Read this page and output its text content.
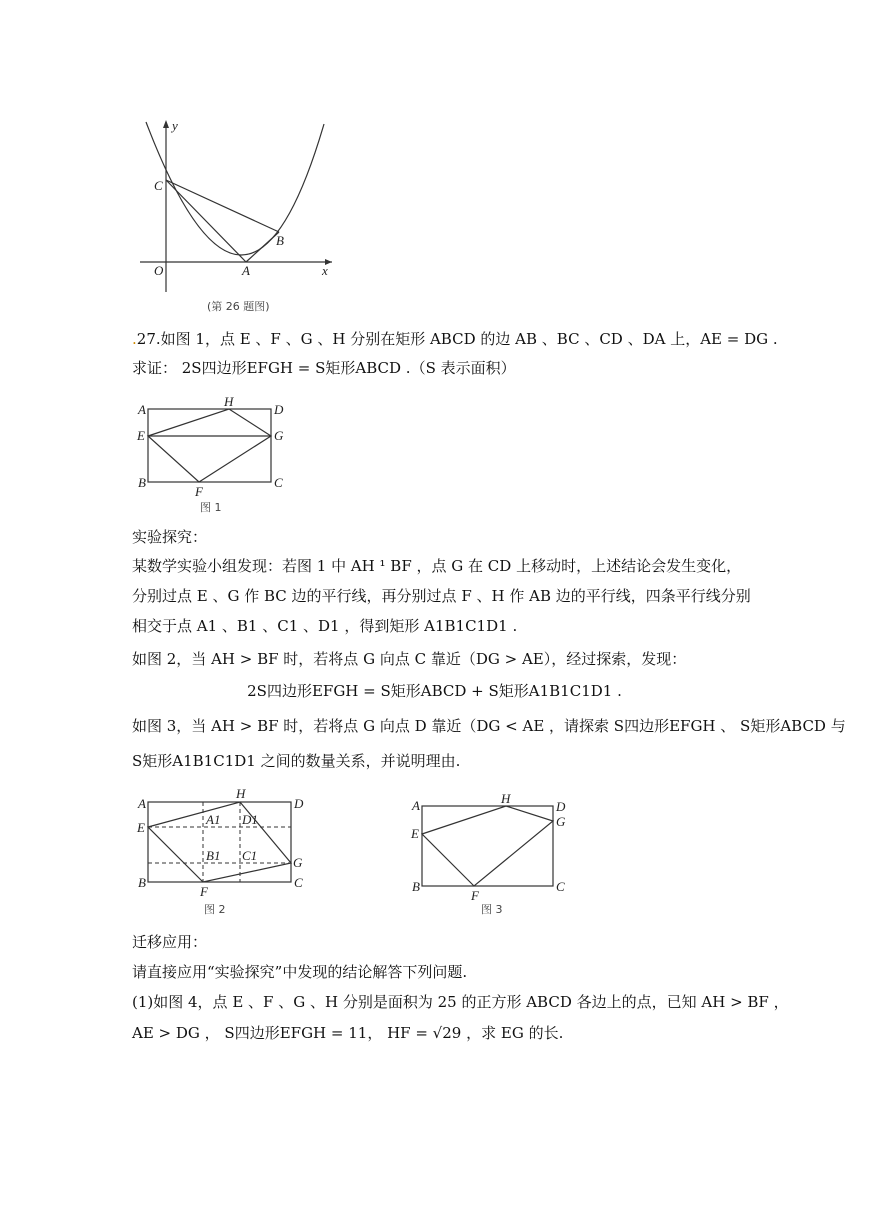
y
x
O
C
A
B
(第 26 题图)
.27.如图 1，点 E 、F 、G 、H 分别在矩形 ABCD 的边 AB 、BC 、CD 、DA 上，AE = DG .
求证： 2S四边形EFGH = S矩形ABCD .（S 表示面积）
A
H
D
E	G
B
F
C
图 1
实验探究：
某数学实验小组发现：若图 1 中 AH ¹ BF ，点 G 在 CD 上移动时，上述结论会发生变化，
分别过点 E 、G 作 BC 边的平行线，再分别过点 F 、H 作 AB 边的平行线，四条平行线分别
相交于点 A1 、B1 、C1 、D1 ，得到矩形 A1B1C1D1 .
如图 2，当 AH > BF 时，若将点 G 向点 C 靠近（DG > AE），经过探索，发现：
2S四边形EFGH = S矩形ABCD + S矩形A1B1C1D1 .
如图 3，当 AH > BF 时，若将点 G 向点 D 靠近（DG < AE ，请探索 S四边形EFGH 、 S矩形ABCD 与
S矩形A1B1C1D1 之间的数量关系，并说明理由.
A
H
D
E
A1 D1
B1 C1	G
B
F
C
图 2
A	H
D
E
G
B
F
C
图 3
迁移应用：
请直接应用“实验探究”中发现的结论解答下列问题.
(1)如图 4，点 E 、F 、G 、H 分别是面积为 25 的正方形 ABCD 各边上的点，已知 AH > BF ，
AE > DG ， S四边形EFGH = 11， HF = √29 ，求 EG 的长.
